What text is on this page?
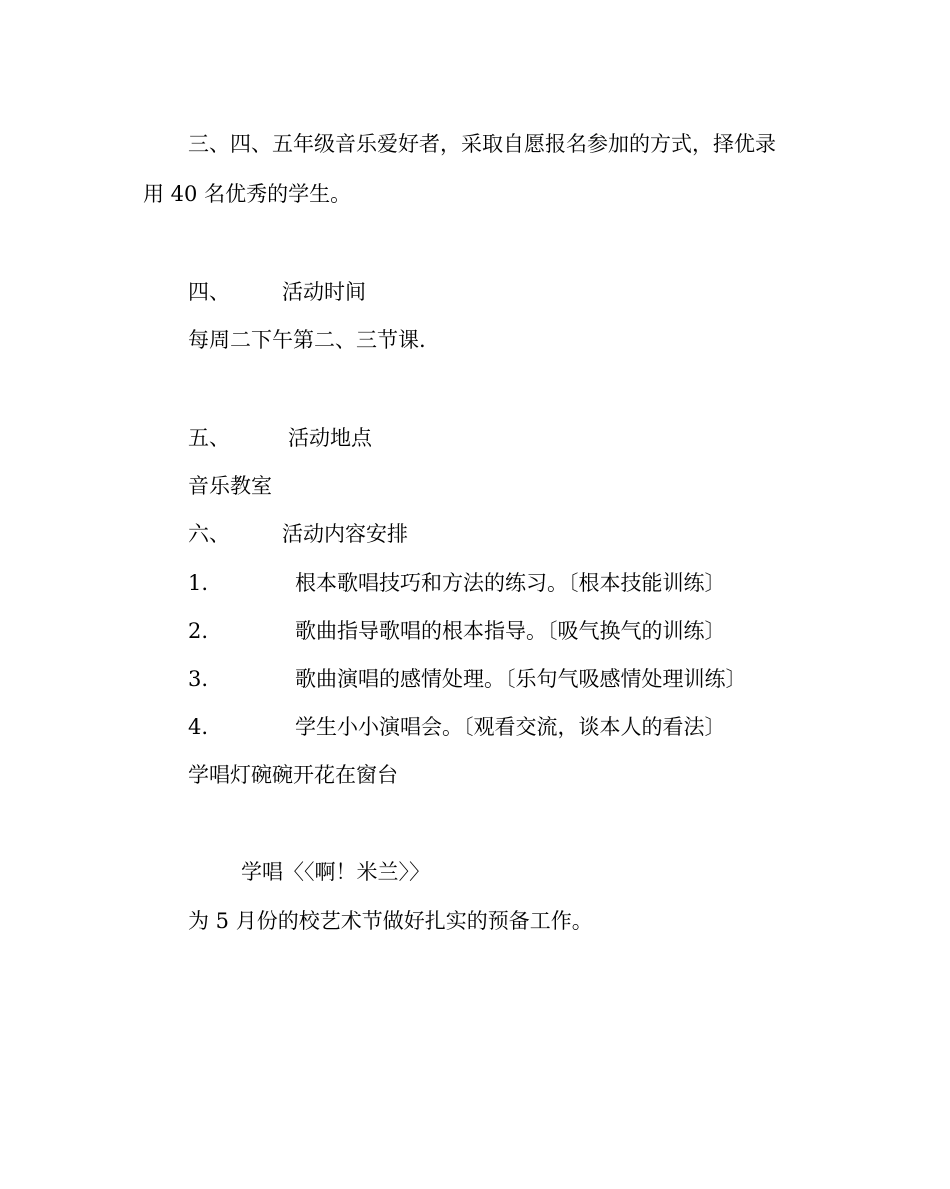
三、四、五年级音乐爱好者，采取自愿报名参加的方式，择优录
用 40 名优秀的学生。
四、 活动时间
每周二下午第二、三节课.
五、	活动地点
音乐教室
六、 活动内容安排
1.	根本歌唱技巧和方法的练习。〔根本技能训练〕
2.	歌曲指导歌唱的根本指导。〔吸气换气的训练〕
3.	歌曲演唱的感情处理。〔乐句气吸感情处理训练〕
4.	学生小小演唱会。〔观看交流，谈本人的看法〕
学唱灯碗碗开花在窗台
学唱〈〈啊！米兰〉〉
为 5 月份的校艺术节做好扎实的预备工作。
